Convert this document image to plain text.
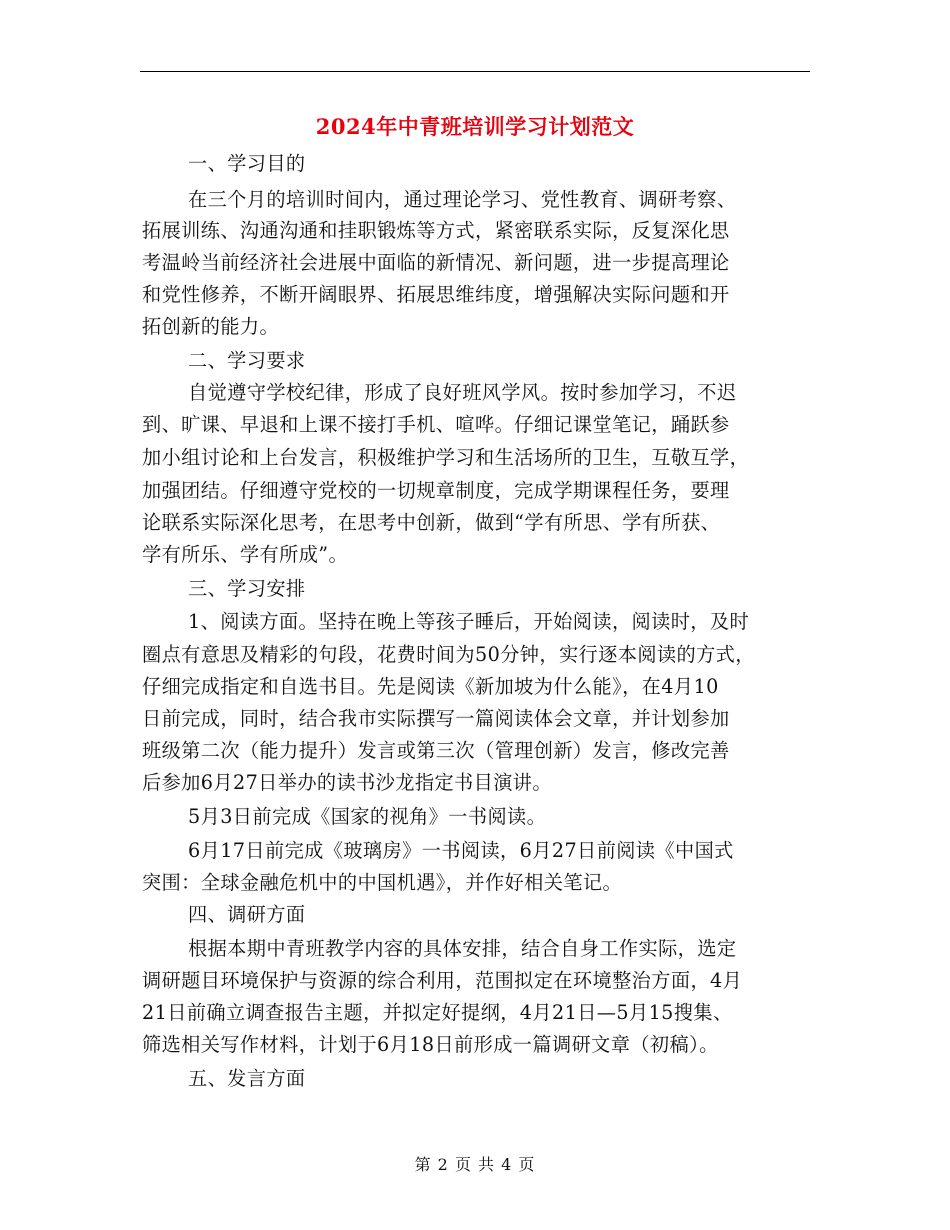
2024年中青班培训学习计划范文
一、学习目的
在三个月的培训时间内，通过理论学习、党性教育、调研考察、
拓展训练、沟通沟通和挂职锻炼等方式，紧密联系实际，反复深化思
考温岭当前经济社会进展中面临的新情况、新问题，进一步提高理论
和党性修养，不断开阔眼界、拓展思维纬度，增强解决实际问题和开
拓创新的能力。
二、学习要求
自觉遵守学校纪律，形成了良好班风学风。按时参加学习，不迟
到、旷课、早退和上课不接打手机、喧哗。仔细记课堂笔记，踊跃参
加小组讨论和上台发言，积极维护学习和生活场所的卫生，互敬互学，
加强团结。仔细遵守党校的一切规章制度，完成学期课程任务，要理
论联系实际深化思考，在思考中创新，做到“学有所思、学有所获、
学有所乐、学有所成”。
三、学习安排
1、阅读方面。坚持在晚上等孩子睡后，开始阅读，阅读时，及时
圈点有意思及精彩的句段，花费时间为50分钟，实行逐本阅读的方式，
仔细完成指定和自选书目。先是阅读《新加坡为什么能》，在4月10
日前完成，同时，结合我市实际撰写一篇阅读体会文章，并计划参加
班级第二次（能力提升）发言或第三次（管理创新）发言，修改完善
后参加6月27日举办的读书沙龙指定书目演讲。
5月3日前完成《国家的视角》一书阅读。
6月17日前完成《玻璃房》一书阅读，6月27日前阅读《中国式
突围：全球金融危机中的中国机遇》，并作好相关笔记。
四、调研方面
根据本期中青班教学内容的具体安排，结合自身工作实际，选定
调研题目环境保护与资源的综合利用，范围拟定在环境整治方面，4月
21日前确立调查报告主题，并拟定好提纲，4月21日—5月15搜集、
筛选相关写作材料，计划于6月18日前形成一篇调研文章（初稿）。
五、发言方面
第 2 页 共 4 页
